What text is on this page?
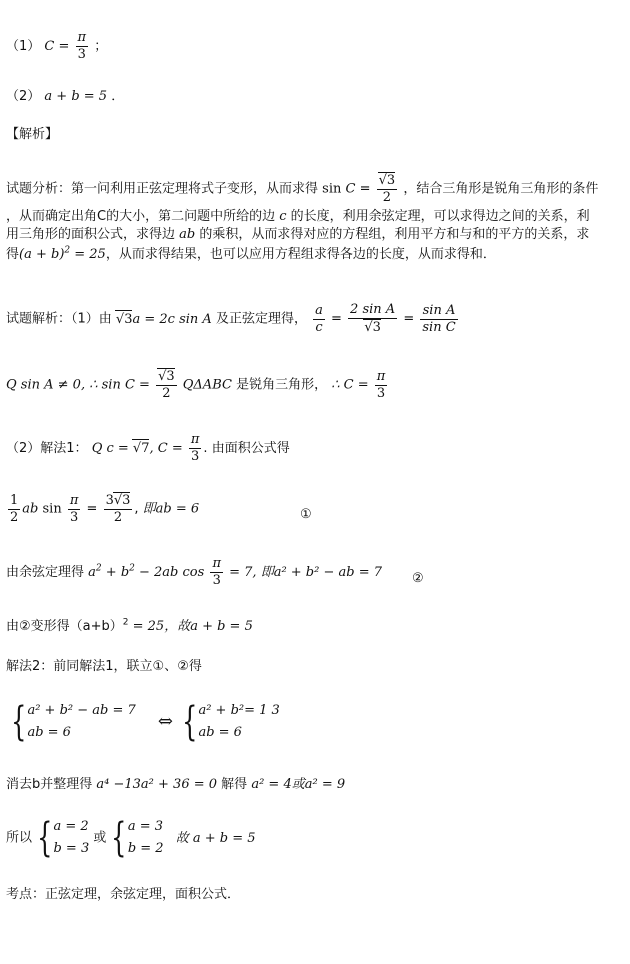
（1） $C = \frac{\pi}{3}$ ；
（2） a + b = 5 ．
【解析】
试题分析：第一问利用正弦定理将式子变形，从而求得 $\sin C = \frac{√3}{2}$ ，结合三角形是锐角三角形的条件
，从而确定出角C的大小，第二问题中所给的边 c 的长度，利用余弦定理，可以求得边之间的关系，利
用三角形的面积公式，求得边 ab 的乘积，从而求得对应的方程组，利用平方和与和的平方的关系，求
得$(a + b)^2 = 25$，从而求得结果，也可以应用方程组求得各边的长度，从而求得和．
试题解析：（1）由 √3a = 2c sin A 及正弦定理得， $\frac{a}{c} = \frac{\text{2 sin A}}{√3} = \frac{\text{sin A}}{\text{sin C}}$
Q sin A ≠ 0, ∴ $\sin C = \frac{√3}{2}$ QΔABC 是锐角三角形， ∴ $C = \frac{\pi}{3}$
（2）解法1： Q c = √7, $C = \frac{\pi}{3}$ . 由面积公式得
$\frac{1}{2}$ ab $\sin \frac{\pi}{3} = \frac{3√3}{2}$ , 即ab = 6	①
由余弦定理得 $a^2 + b^2 - 2ab$ $\cos \frac{\pi}{3} = 7$, 即a² + b² − ab = 7 ②
由②变形得$(a+b)^2 = 25$，故a + b = 5
解法2：前同解法1，联立①、②得
{ a² + b² − ab = 7
ab = 6
⇔ { a² + b²= 1 3
ab = 6
消去b并整理得 a⁴ −13a² + 36 = 0 解得 a² = 4或a² = 9
所以 { a = 2
b = 3
或 { a = 3
b = 2
故 a + b = 5
考点：正弦定理，余弦定理，面积公式．
